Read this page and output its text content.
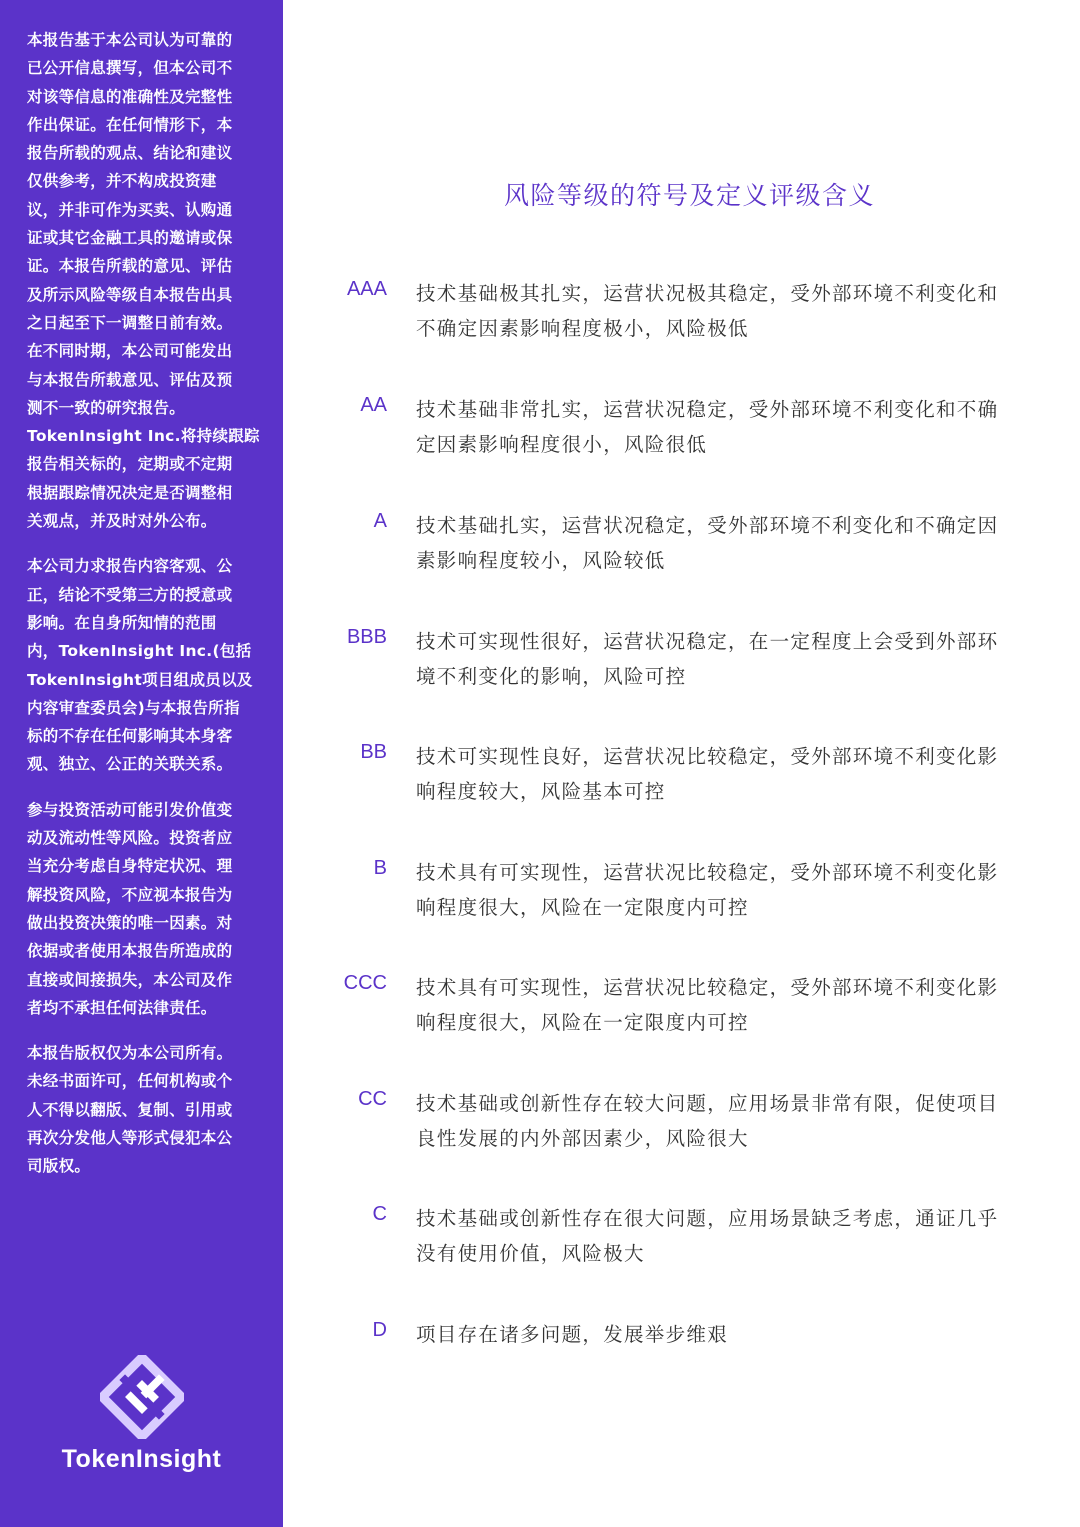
本报告基于本公司认为可靠的
已公开信息撰写，但本公司不
对该等信息的准确性及完整性
作出保证。在任何情形下，本
报告所载的观点、结论和建议
仅供参考，并不构成投资建
议，并非可作为买卖、认购通
证或其它金融工具的邀请或保
证。本报告所载的意见、评估
及所示风险等级自本报告出具
之日起至下一调整日前有效。
在不同时期，本公司可能发出
与本报告所载意见、评估及预
测不一致的研究报告。
TokenInsight Inc.将持续跟踪
报告相关标的，定期或不定期
根据跟踪情况决定是否调整相
关观点，并及时对外公布。
本公司力求报告内容客观、公
正，结论不受第三方的授意或
影响。在自身所知情的范围
内，TokenInsight Inc.(包括
TokenInsight项目组成员以及
内容审查委员会)与本报告所指
标的不存在任何影响其本身客
观、独立、公正的关联关系。
参与投资活动可能引发价值变
动及流动性等风险。投资者应
当充分考虑自身特定状况、理
解投资风险，不应视本报告为
做出投资决策的唯一因素。对
依据或者使用本报告所造成的
直接或间接损失，本公司及作
者均不承担任何法律责任。
本报告版权仅为本公司所有。
未经书面许可，任何机构或个
人不得以翻版、复制、引用或
再次分发他人等形式侵犯本公
司版权。
TokenInsight
风险等级的符号及定义评级含义
AAA 技术基础极其扎实，运营状况极其稳定，受外部环境不利变化和
不确定因素影响程度极小，风险极低
AA 技术基础非常扎实，运营状况稳定，受外部环境不利变化和不确
定因素影响程度很小，风险很低
A 技术基础扎实，运营状况稳定，受外部环境不利变化和不确定因
素影响程度较小，风险较低
BBB 技术可实现性很好，运营状况稳定，在一定程度上会受到外部环
境不利变化的影响，风险可控
BB 技术可实现性良好，运营状况比较稳定，受外部环境不利变化影
响程度较大，风险基本可控
B 技术具有可实现性，运营状况比较稳定，受外部环境不利变化影
响程度很大，风险在一定限度内可控
CCC 技术具有可实现性，运营状况比较稳定，受外部环境不利变化影
响程度很大，风险在一定限度内可控
CC 技术基础或创新性存在较大问题，应用场景非常有限，促使项目
良性发展的内外部因素少，风险很大
C 技术基础或创新性存在很大问题，应用场景缺乏考虑，通证几乎
没有使用价值，风险极大
D 项目存在诸多问题，发展举步维艰
